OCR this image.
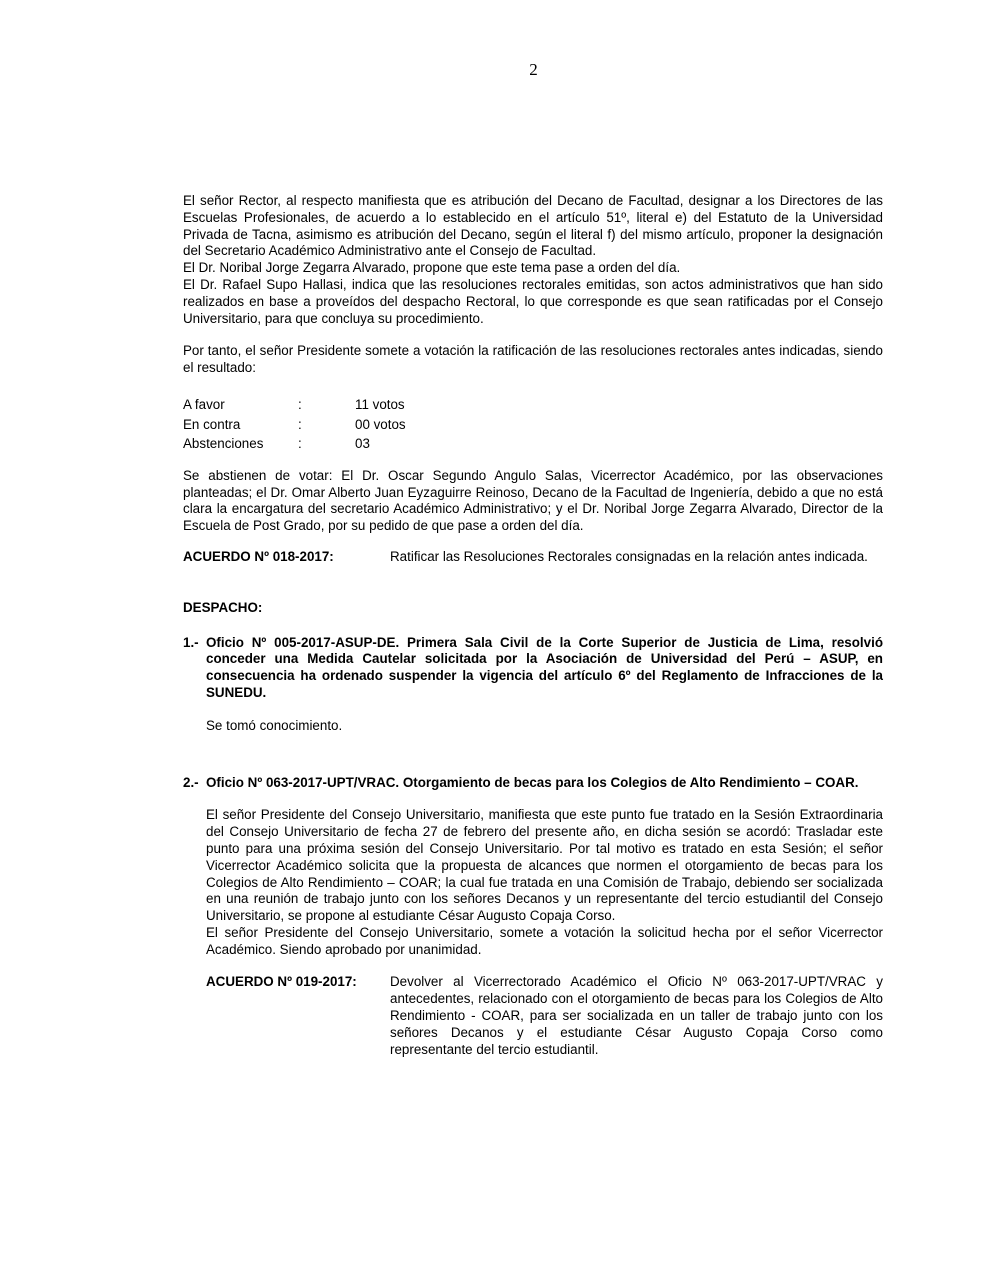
2

El señor Rector, al respecto manifiesta que es atribución del Decano de Facultad, designar a los Directores de las Escuelas Profesionales, de acuerdo a lo establecido en el artículo 51º, literal e) del Estatuto de la Universidad Privada de Tacna, asimismo es atribución del Decano, según el literal f) del mismo artículo, proponer la designación del Secretario Académico Administrativo ante el Consejo de Facultad.

El Dr. Noribal Jorge Zegarra Alvarado, propone que este tema pase a orden del día.

El Dr. Rafael Supo Hallasi, indica que las resoluciones rectorales emitidas, son actos administrativos que han sido realizados en base a proveídos del despacho Rectoral, lo que corresponde es que sean ratificadas por el Consejo Universitario, para que concluya su procedimiento.

Por tanto, el señor Presidente somete a votación la ratificación de las resoluciones rectorales antes indicadas, siendo el resultado:

A favor	:	11 votos
En contra	:	00 votos
Abstenciones	:	03

Se abstienen de votar: El Dr. Oscar Segundo Angulo Salas, Vicerrector Académico, por las observaciones planteadas; el Dr. Omar Alberto Juan Eyzaguirre Reinoso, Decano de la Facultad de Ingeniería, debido a que no está clara la encargatura del secretario Académico Administrativo; y el Dr. Noribal Jorge Zegarra Alvarado, Director de la Escuela de Post Grado, por su pedido de que pase a orden del día.

ACUERDO Nº 018-2017:	Ratificar las Resoluciones Rectorales consignadas en la relación antes indicada.
DESPACHO:
1.- Oficio Nº 005-2017-ASUP-DE. Primera Sala Civil de la Corte Superior de Justicia de Lima, resolvió conceder una Medida Cautelar solicitada por la Asociación de Universidad del Perú – ASUP, en consecuencia ha ordenado suspender la vigencia del artículo 6º del Reglamento de Infracciones de la SUNEDU.

Se tomó conocimiento.

2.- Oficio Nº 063-2017-UPT/VRAC. Otorgamiento de becas para los Colegios de Alto Rendimiento – COAR.

El señor Presidente del Consejo Universitario, manifiesta que este punto fue tratado en la Sesión Extraordinaria del Consejo Universitario de fecha 27 de febrero del presente año, en dicha sesión se acordó: Trasladar este punto para una próxima sesión del Consejo Universitario. Por tal motivo es tratado en esta Sesión; el señor Vicerrector Académico solicita que la propuesta de alcances que normen el otorgamiento de becas para los Colegios de Alto Rendimiento – COAR; la cual fue tratada en una Comisión de Trabajo, debiendo ser socializada en una reunión de trabajo junto con los señores Decanos y un representante del tercio estudiantil del Consejo Universitario, se propone al estudiante César Augusto Copaja Corso.

El señor Presidente del Consejo Universitario, somete a votación la solicitud hecha por el señor Vicerrector Académico. Siendo aprobado por unanimidad.

ACUERDO Nº 019-2017:	Devolver al Vicerrectorado Académico el Oficio Nº 063-2017-UPT/VRAC y antecedentes, relacionado con el otorgamiento de becas para los Colegios de Alto Rendimiento - COAR, para ser socializada en un taller de trabajo junto con los señores Decanos y el estudiante César Augusto Copaja Corso como representante del tercio estudiantil.
